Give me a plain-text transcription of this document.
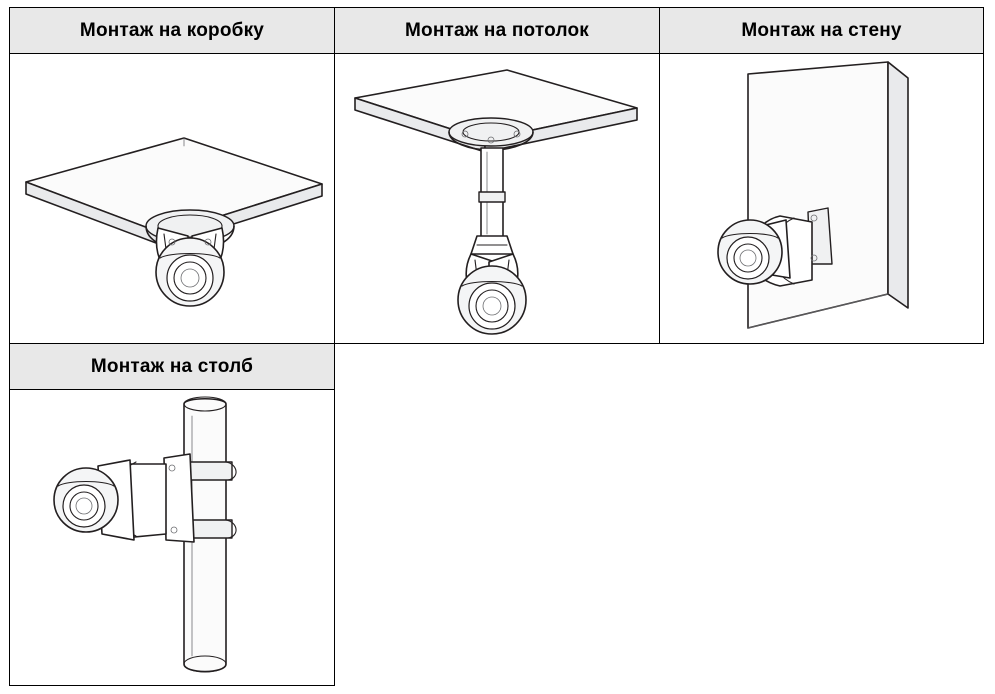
Монтаж на коробку	Монтаж на потолок	Монтаж на стену
Монтаж на столб
